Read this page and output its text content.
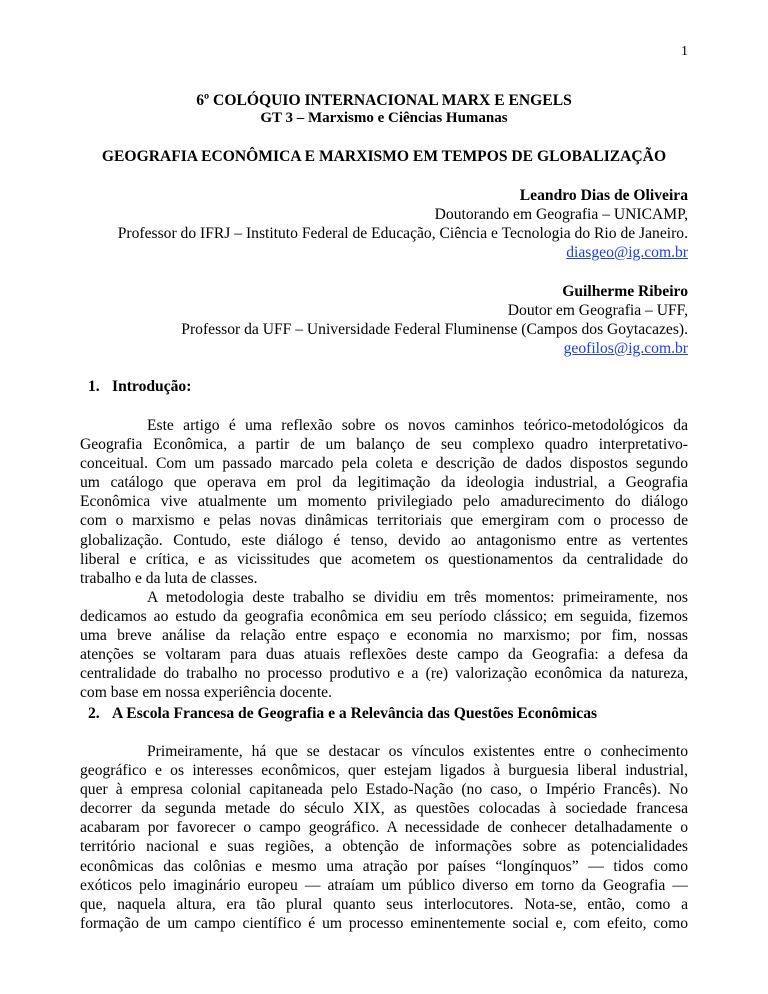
1
6º COLÓQUIO INTERNACIONAL MARX E ENGELS
GT 3 – Marxismo e Ciências Humanas
GEOGRAFIA ECONÔMICA E MARXISMO EM TEMPOS DE GLOBALIZAÇÃO
Leandro Dias de Oliveira
Doutorando em Geografia – UNICAMP,
Professor do IFRJ – Instituto Federal de Educação, Ciência e Tecnologia do Rio de Janeiro.
diasgeo@ig.com.br
Guilherme Ribeiro
Doutor em Geografia – UFF,
Professor da UFF – Universidade Federal Fluminense (Campos dos Goytacazes).
geofilos@ig.com.br
1. Introdução:
Este artigo é uma reflexão sobre os novos caminhos teórico-metodológicos da
Geografia Econômica, a partir de um balanço de seu complexo quadro interpretativo-
conceitual. Com um passado marcado pela coleta e descrição de dados dispostos segundo
um catálogo que operava em prol da legitimação da ideologia industrial, a Geografia
Econômica vive atualmente um momento privilegiado pelo amadurecimento do diálogo
com o marxismo e pelas novas dinâmicas territoriais que emergiram com o processo de
globalização. Contudo, este diálogo é tenso, devido ao antagonismo entre as vertentes
liberal e crítica, e as vicissitudes que acometem os questionamentos da centralidade do
trabalho e da luta de classes.
A metodologia deste trabalho se dividiu em três momentos: primeiramente, nos
dedicamos ao estudo da geografia econômica em seu período clássico; em seguida, fizemos
uma breve análise da relação entre espaço e economia no marxismo; por fim, nossas
atenções se voltaram para duas atuais reflexões deste campo da Geografia: a defesa da
centralidade do trabalho no processo produtivo e a (re) valorização econômica da natureza,
com base em nossa experiência docente.
2. A Escola Francesa de Geografia e a Relevância das Questões Econômicas
Primeiramente, há que se destacar os vínculos existentes entre o conhecimento
geográfico e os interesses econômicos, quer estejam ligados à burguesia liberal industrial,
quer à empresa colonial capitaneada pelo Estado-Nação (no caso, o Império Francês). No
decorrer da segunda metade do século XIX, as questões colocadas à sociedade francesa
acabaram por favorecer o campo geográfico. A necessidade de conhecer detalhadamente o
território nacional e suas regiões, a obtenção de informações sobre as potencialidades
econômicas das colônias e mesmo uma atração por países “longínquos” — tidos como
exóticos pelo imaginário europeu — atraíam um público diverso em torno da Geografia —
que, naquela altura, era tão plural quanto seus interlocutores. Nota-se, então, como a
formação de um campo científico é um processo eminentemente social e, com efeito, como
